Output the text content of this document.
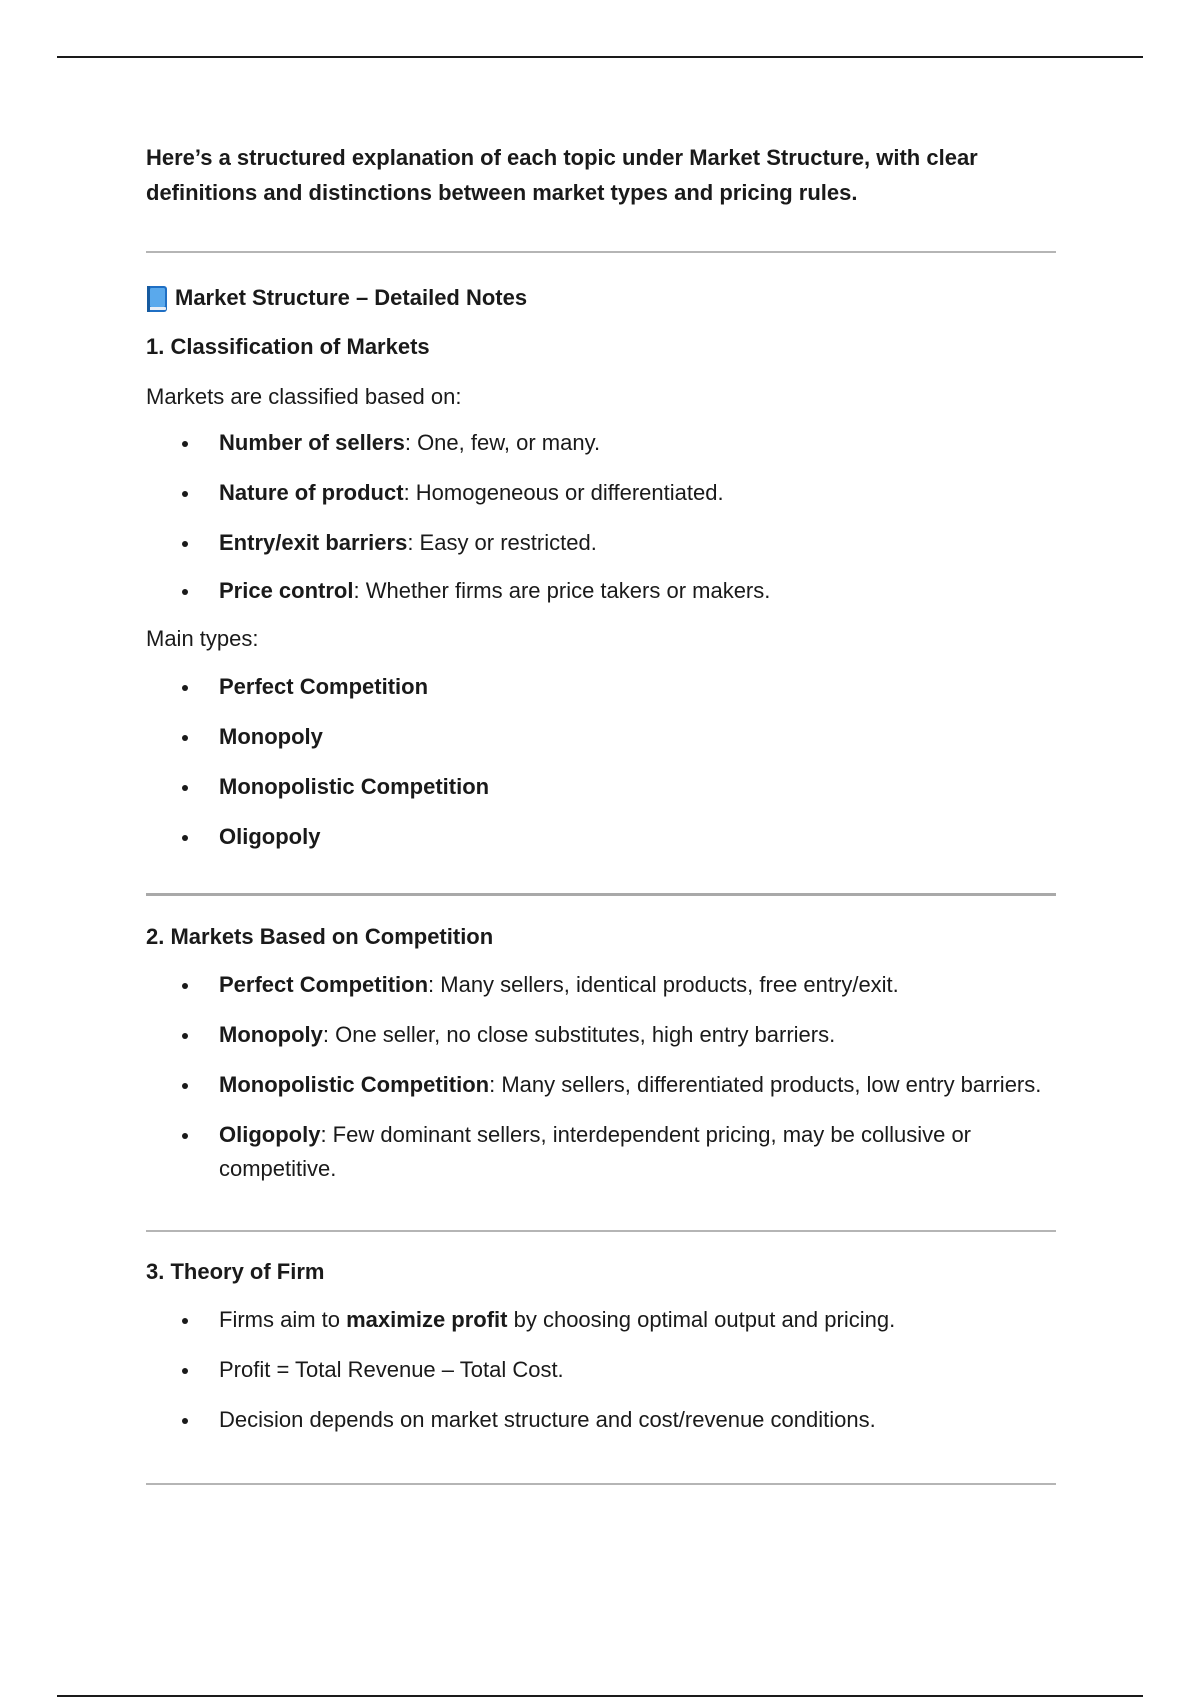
Here’s a structured explanation of each topic under Market Structure, with clear definitions and distinctions between market types and pricing rules.

Market Structure – Detailed Notes
1. Classification of Markets

Markets are classified based on:

Number of sellers: One, few, or many.
Nature of product: Homogeneous or differentiated.
Entry/exit barriers: Easy or restricted.
Price control: Whether firms are price takers or makers.

Main types:

Perfect Competition
Monopoly
Monopolistic Competition
Oligopoly
2. Markets Based on Competition
Perfect Competition: Many sellers, identical products, free entry/exit.
Monopoly: One seller, no close substitutes, high entry barriers.
Monopolistic Competition: Many sellers, differentiated products, low entry barriers.
Oligopoly: Few dominant sellers, interdependent pricing, may be collusive or competitive.
3. Theory of Firm
Firms aim to maximize profit by choosing optimal output and pricing.
Profit = Total Revenue – Total Cost.
Decision depends on market structure and cost/revenue conditions.
